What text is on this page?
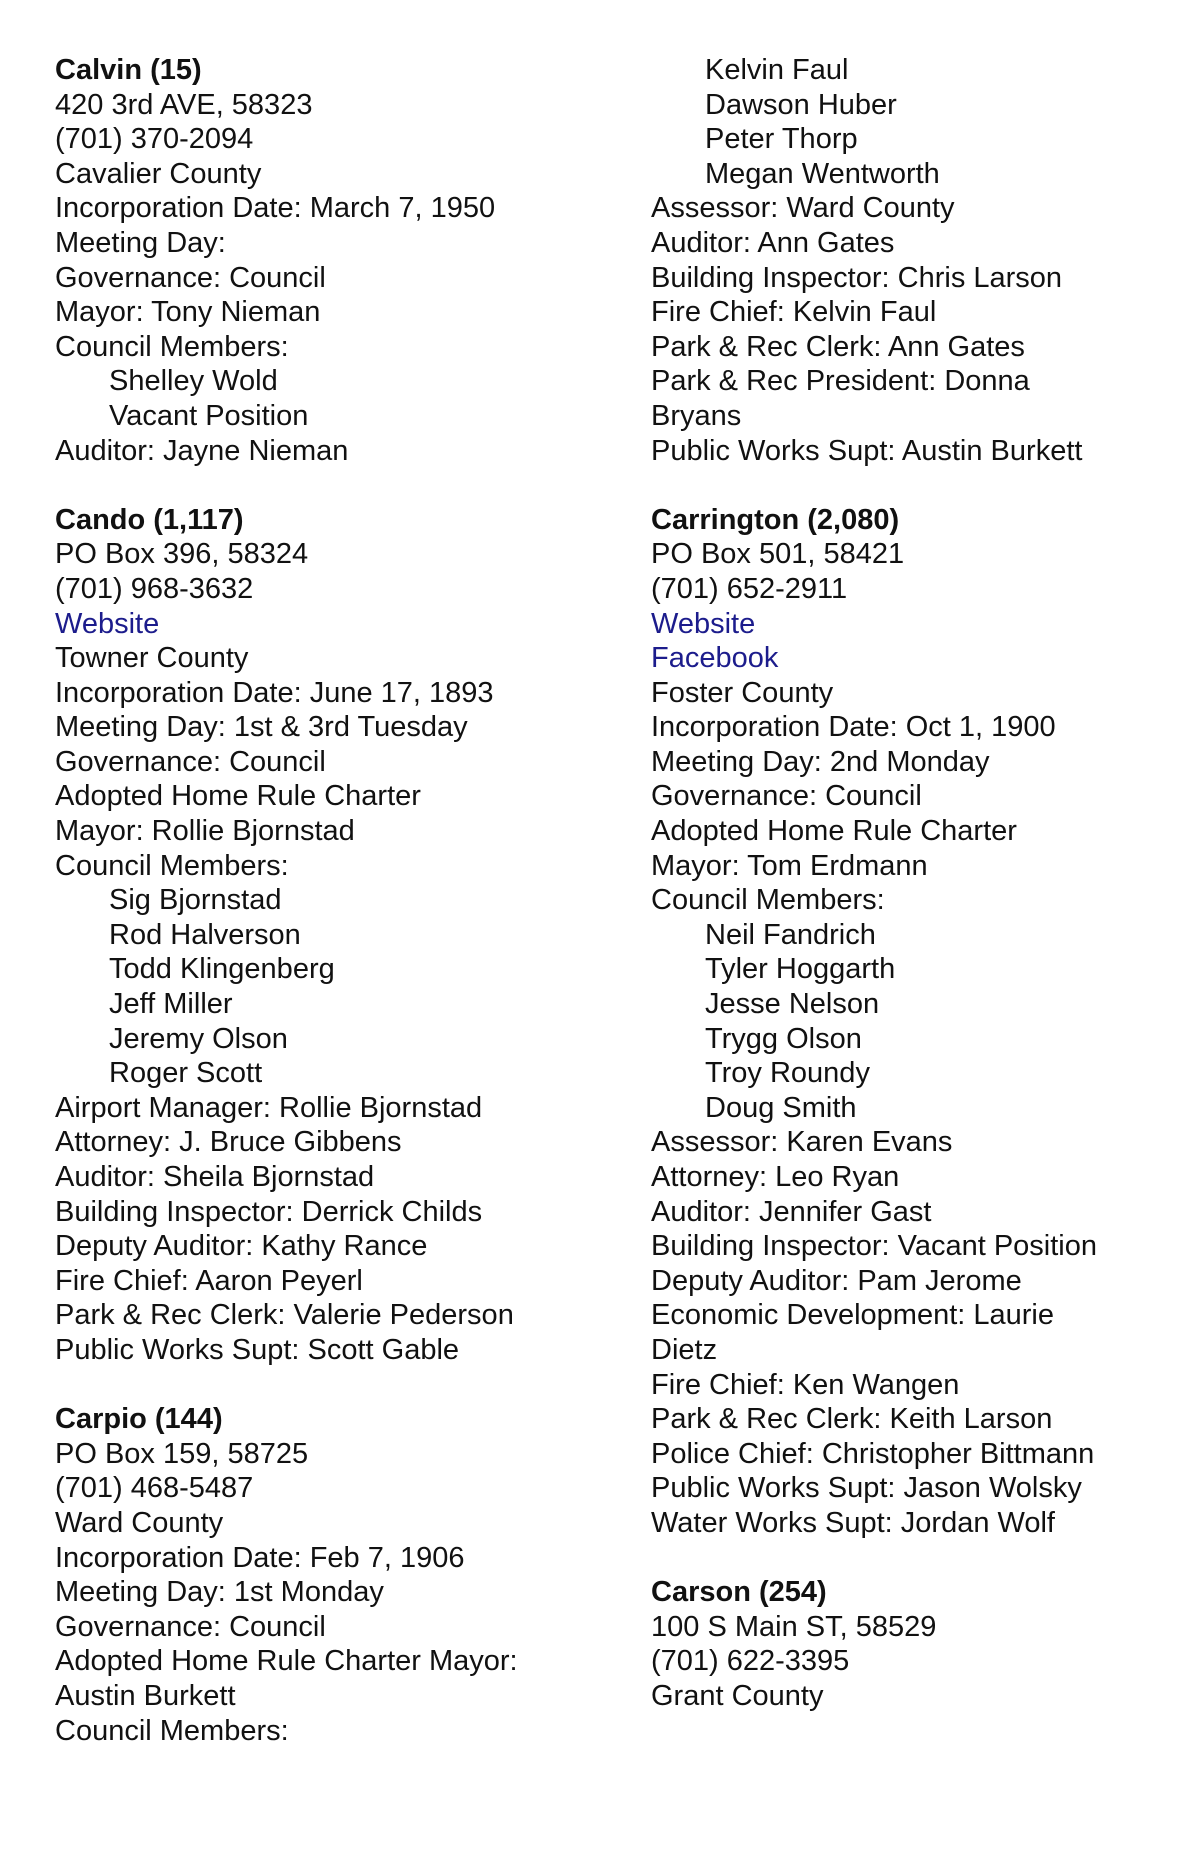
Calvin (15)
420 3rd AVE, 58323
(701) 370-2094
Cavalier County
Incorporation Date: March 7, 1950
Meeting Day:
Governance: Council
Mayor: Tony Nieman
Council Members:
Shelley Wold
Vacant Position
Auditor: Jayne Nieman
Cando (1,117)
PO Box 396, 58324
(701) 968-3632
Website
Towner County
Incorporation Date: June 17, 1893
Meeting Day: 1st & 3rd Tuesday
Governance: Council
Adopted Home Rule Charter
Mayor: Rollie Bjornstad
Council Members:
Sig Bjornstad
Rod Halverson
Todd Klingenberg
Jeff Miller
Jeremy Olson
Roger Scott
Airport Manager: Rollie Bjornstad
Attorney: J. Bruce Gibbens
Auditor: Sheila Bjornstad
Building Inspector: Derrick Childs
Deputy Auditor: Kathy Rance
Fire Chief: Aaron Peyerl
Park & Rec Clerk: Valerie Pederson
Public Works Supt: Scott Gable
Carpio (144)
PO Box 159, 58725
(701) 468-5487
Ward County
Incorporation Date: Feb 7, 1906
Meeting Day: 1st Monday
Governance: Council
Adopted Home Rule Charter Mayor: Austin Burkett
Council Members:
Kelvin Faul
Dawson Huber
Peter Thorp
Megan Wentworth
Assessor: Ward County
Auditor: Ann Gates
Building Inspector: Chris Larson
Fire Chief: Kelvin Faul
Park & Rec Clerk: Ann Gates
Park & Rec President: Donna Bryans
Public Works Supt: Austin Burkett
Carrington (2,080)
PO Box 501, 58421
(701) 652-2911
Website
Facebook
Foster County
Incorporation Date: Oct 1, 1900
Meeting Day: 2nd Monday
Governance: Council
Adopted Home Rule Charter
Mayor: Tom Erdmann
Council Members:
Neil Fandrich
Tyler Hoggarth
Jesse Nelson
Trygg Olson
Troy Roundy
Doug Smith
Assessor: Karen Evans
Attorney: Leo Ryan
Auditor: Jennifer Gast
Building Inspector: Vacant Position
Deputy Auditor: Pam Jerome
Economic Development: Laurie Dietz
Fire Chief: Ken Wangen
Park & Rec Clerk: Keith Larson
Police Chief: Christopher Bittmann
Public Works Supt: Jason Wolsky
Water Works Supt: Jordan Wolf
Carson (254)
100 S Main ST, 58529
(701) 622-3395
Grant County
